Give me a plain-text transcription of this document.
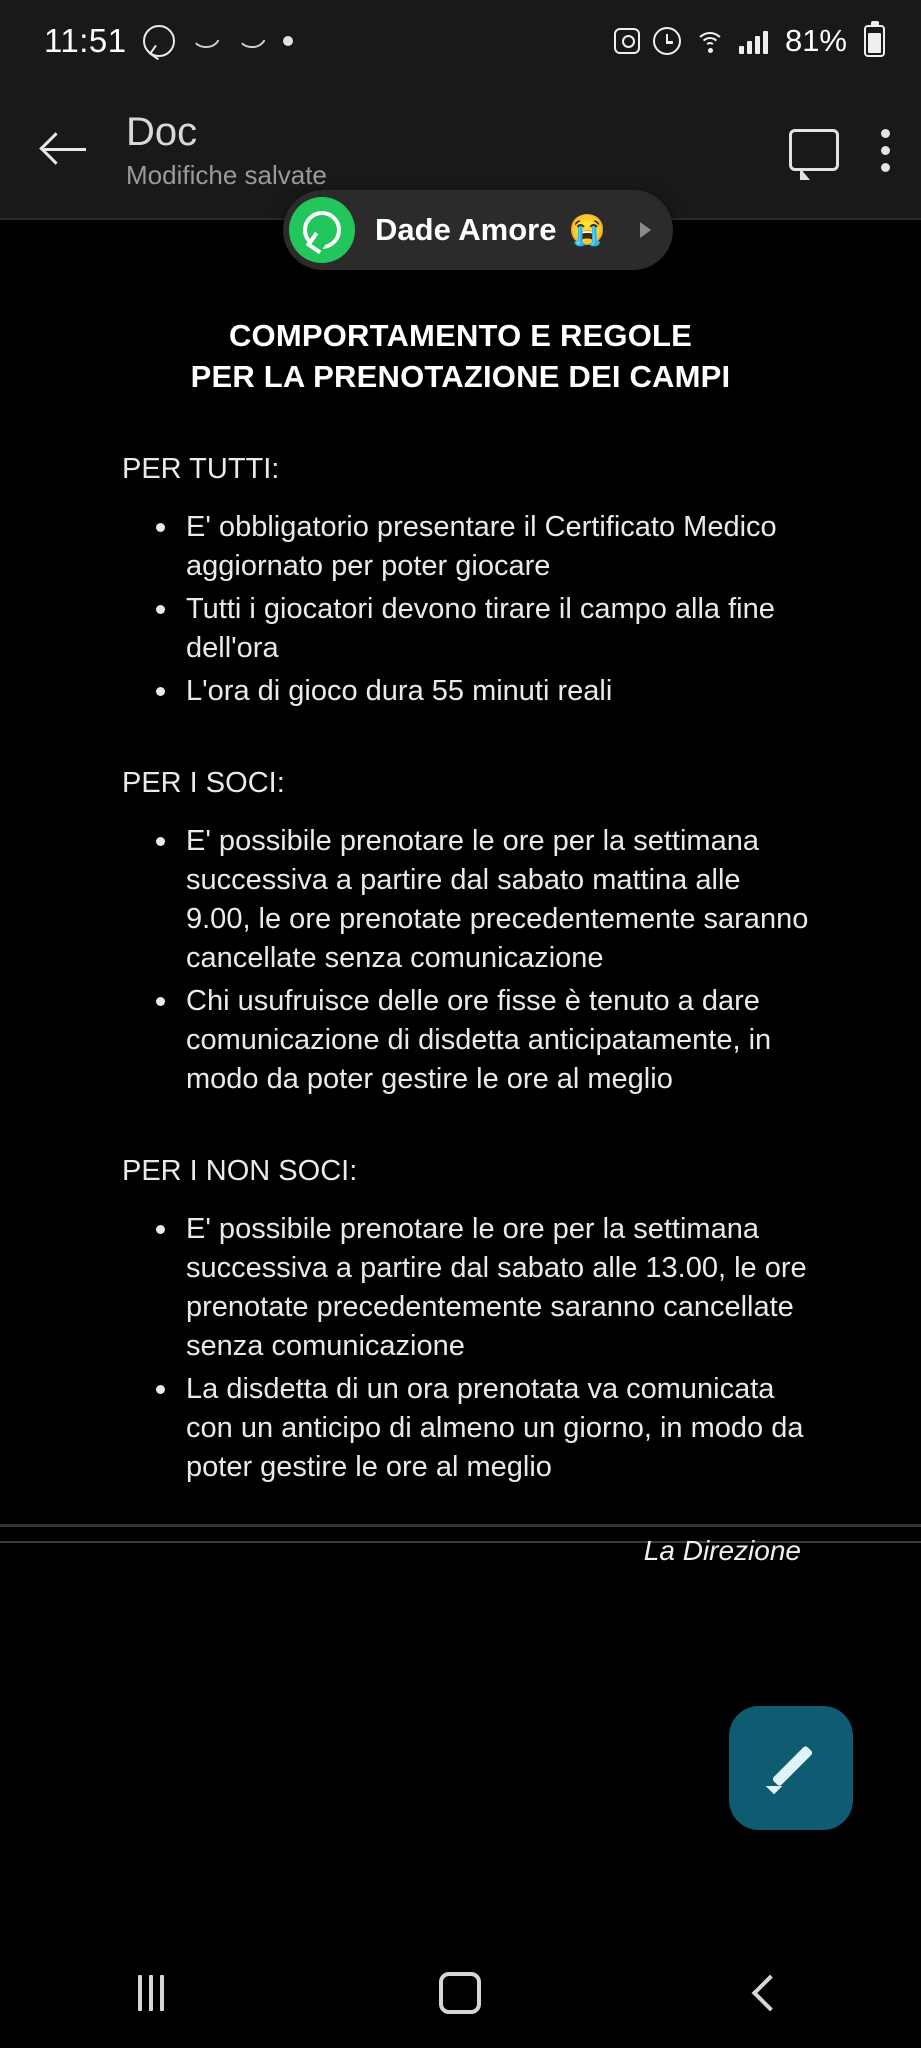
11:51	81%
Doc
Modifiche salvate
Dade Amore 😭
COMPORTAMENTO E REGOLE
PER LA PRENOTAZIONE DEI CAMPI
PER TUTTI:
E' obbligatorio presentare il Certificato Medico aggiornato per poter giocare
Tutti i giocatori devono tirare il campo alla fine dell'ora
L'ora di gioco dura 55 minuti reali
PER I SOCI:
E' possibile prenotare le ore per la settimana successiva a partire dal sabato mattina alle 9.00, le ore prenotate precedentemente saranno cancellate senza comunicazione
Chi usufruisce delle ore fisse è tenuto a dare comunicazione di disdetta anticipatamente, in modo da poter gestire le ore al meglio
PER I NON SOCI:
E' possibile prenotare le ore per la settimana successiva a partire dal sabato alle 13.00, le ore prenotate precedentemente saranno cancellate senza comunicazione
La disdetta di un ora prenotata va comunicata con un anticipo di almeno un giorno, in modo da poter gestire le ore al meglio
La Direzione
